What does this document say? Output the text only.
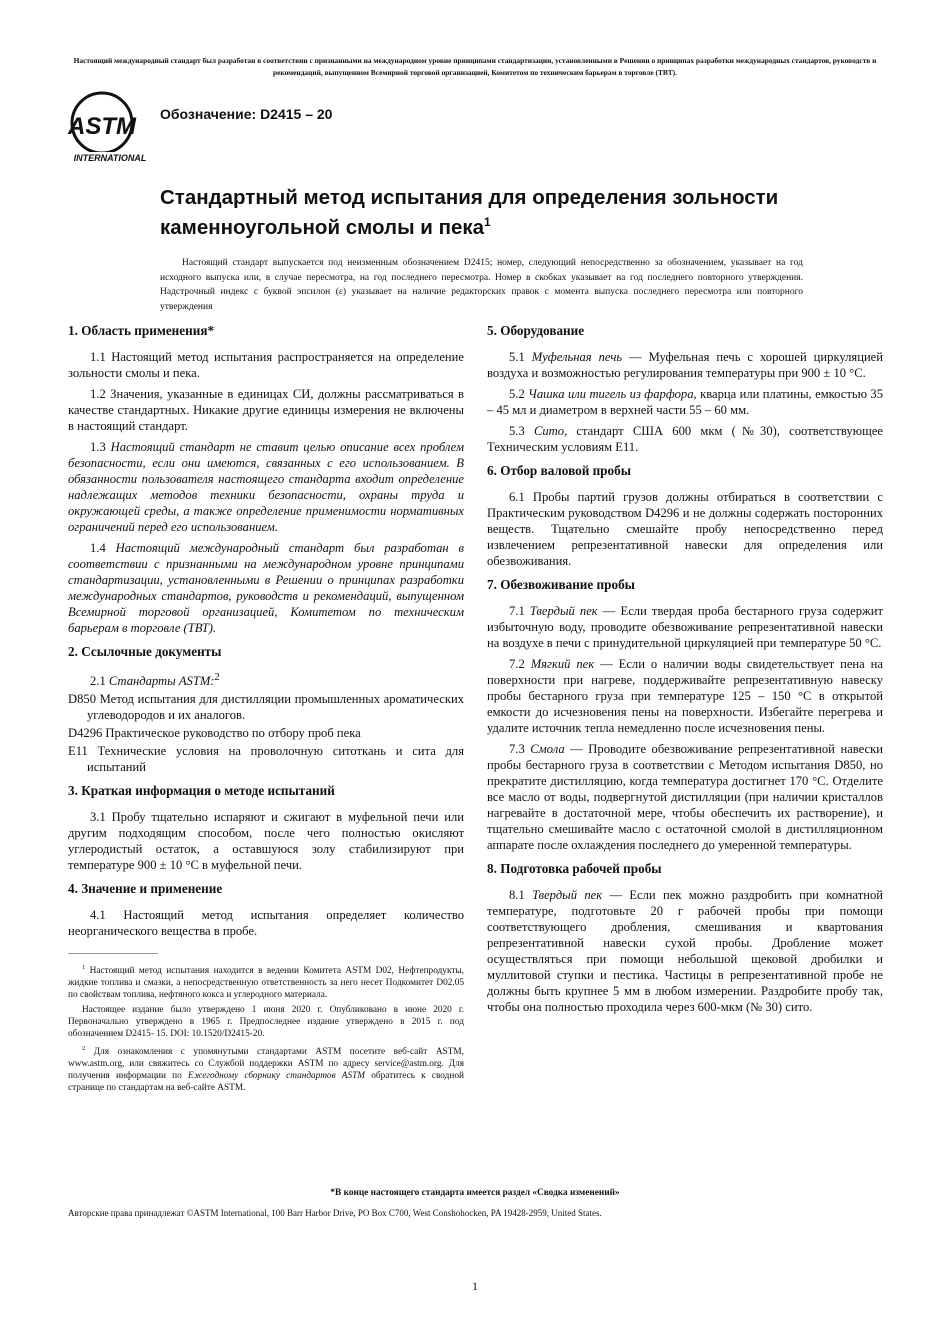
Настоящий международный стандарт был разработан в соответствии с признанными на международном уровне принципами стандартизации, установленными в Решении о принципах разработки международных стандартов, руководств и рекомендаций, выпущенном Всемирной торговой организацией, Комитетом по техническим барьерам в торговле (ТВТ).
ASTM
INTERNATIONAL
Обозначение: D2415 – 20
Стандартный метод испытания для определения зольности каменноугольной смолы и пека$^1$

Настоящий стандарт выпускается под неизменным обозначением D2415; номер, следующий непосредственно за обозначением, указывает на год исходного выпуска или, в случае пересмотра, на год последнего пересмотра. Номер в скобках указывает на год последнего повторного утверждения. Надстрочный индекс с буквой эпсилон (ε) указывает на наличие редакторских правок с момента выпуска последнего пересмотра или повторного утверждения

1. Область применения*

1.1 Настоящий метод испытания распространяется на определение зольности смолы и пека.

1.2 Значения, указанные в единицах СИ, должны рассматриваться в качестве стандартных. Никакие другие единицы измерения не включены в настоящий стандарт.

1.3 Настоящий стандарт не ставит целью описание всех проблем безопасности, если они имеются, связанных с его использованием. В обязанности пользователя настоящего стандарта входит определение надлежащих методов техники безопасности, охраны труда и окружающей среды, а также определение применимости нормативных ограничений перед его использованием.

1.4 Настоящий международный стандарт был разработан в соответствии с признанными на международном уровне принципами стандартизации, установленными в Решении о принципах разработки международных стандартов, руководств и рекомендаций, выпущенном Всемирной торговой организацией, Комитетом по техническим барьерам в торговле (ТВТ).

2. Ссылочные документы
2.1 Стандарты ASTM:$^2$
D850 Метод испытания для дистилляции промышленных ароматических углеводородов и их аналогов.
D4296 Практическое руководство по отбору проб пека
E11 Технические условия на проволочную ситоткань и сита для испытаний
3. Краткая информация о методе испытаний

3.1 Пробу тщательно испаряют и сжигают в муфельной печи или другим подходящим способом, после чего полностью окисляют углеродистый остаток, а оставшуюся золу стабилизируют при температуре 900 ± 10 °C в муфельной печи.

4. Значение и применение

4.1 Настоящий метод испытания определяет количество неорганического вещества в пробе.

$^1$ Настоящий метод испытания находится в ведении Комитета ASTM D02, Нефтепродукты, жидкие топлива и смазки, а непосредственную ответственность за него несет Подкомитет D02.05 по свойствам топлива, нефтяного кокса и углеродного материала.

Настоящее издание было утверждено 1 июня 2020 г. Опубликовано в июне 2020 г. Первоначально утверждено в 1965 г. Предпоследнее издание утверждено в 2015 г. под обозначением D2415- 15. DOI: 10.1520/D2415-20.

$^2$ Для ознакомления с упомянутыми стандартами ASTM посетите веб-сайт ASTM, www.astm.org, или свяжитесь со Службой поддержки ASTM по адресу service@astm.org. Для получения информации по Ежегодному сборнику стандартов ASTM обратитесь к сводной странице по стандартам на веб-сайте ASTM.

5. Оборудование

5.1 Муфельная печь — Муфельная печь с хорошей циркуляцией воздуха и возможностью регулирования температуры при 900 ± 10 °C.

5.2 Чашка или тигель из фарфора, кварца или платины, емкостью 35 – 45 мл и диаметром в верхней части 55 – 60 мм.

5.3 Сито, стандарт США 600 мкм (№30), соответствующее Техническим условиям E11.

6. Отбор валовой пробы

6.1 Пробы партий грузов должны отбираться в соответствии с Практическим руководством D4296 и не должны содержать посторонних веществ. Тщательно смешайте пробу непосредственно перед извлечением репрезентативной навески для определения или обезвоживания.

7. Обезвоживание пробы

7.1 Твердый пек — Если твердая проба бестарного груза содержит избыточную воду, проводите обезвоживание репрезентативной навески на воздухе в печи с принудительной циркуляцией при температуре 50 °C.

7.2 Мягкий пек — Если о наличии воды свидетельствует пена на поверхности при нагреве, поддерживайте репрезентативную навеску пробы бестарного груза при температуре 125 – 150 °C в открытой емкости до исчезновения пены на поверхности. Избегайте перегрева и удалите источник тепла немедленно после исчезновения пены.

7.3 Смола — Проводите обезвоживание репрезентативной навески пробы бестарного груза в соответствии с Методом испытания D850, но прекратите дистилляцию, когда температура достигнет 170 °C. Отделите все масло от воды, подвергнутой дистилляции (при наличии кристаллов нагревайте в достаточной мере, чтобы обеспечить их растворение), и тщательно смешивайте масло с остаточной смолой в дистилляционном аппарате после охлаждения последнего до умеренной температуры.

8. Подготовка рабочей пробы

8.1 Твердый пек — Если пек можно раздробить при комнатной температуре, подготовьте 20 г рабочей пробы при помощи соответствующего дробления, смешивания и квартования репрезентативной навески сухой пробы. Дробление может осуществляться при помощи небольшой щековой дробилки и муллитовой ступки и пестика. Частицы в репрезентативной пробе не должны быть крупнее 5 мм в любом измерении. Раздробите пробу так, чтобы она полностью проходила через 600-мкм (№ 30) сито.

*В конце настоящего стандарта имеется раздел «Сводка изменений»
Авторские права принадлежат ©ASTM International, 100 Barr Harbor Drive, PO Box C700, West Conshohocken, PA 19428-2959, United States.
1
